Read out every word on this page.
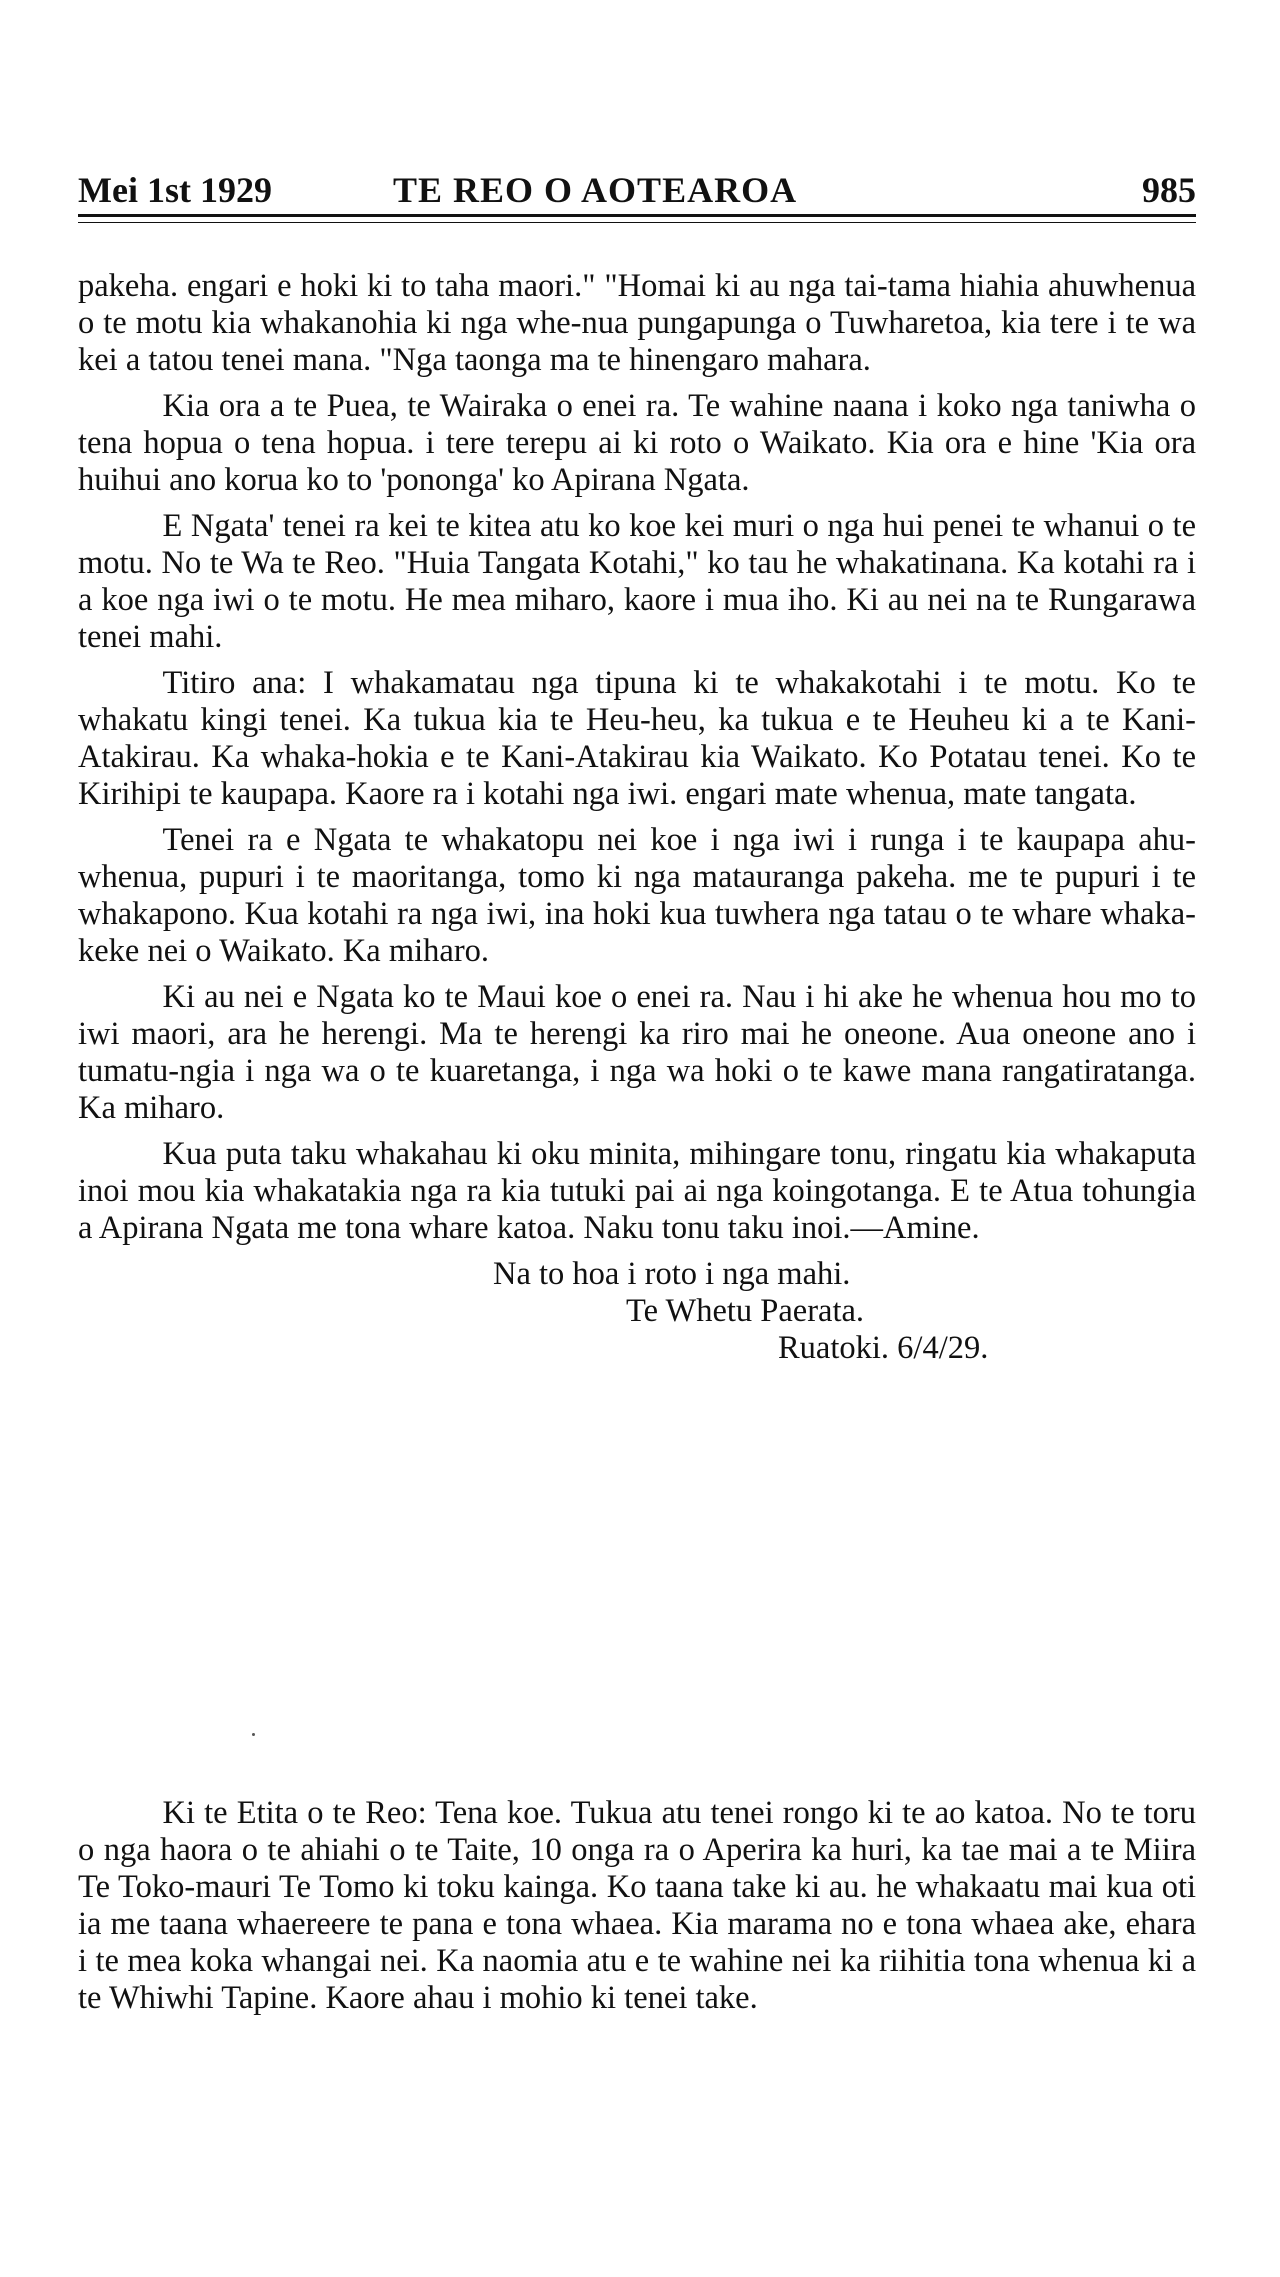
Mei 1st 1929	TE REO O AOTEAROA	985

pakeha. engari e hoki ki to taha maori." "Homai ki au nga tai-tama hiahia ahuwhenua o te motu kia whakanohia ki nga whe-nua pungapunga o Tuwharetoa, kia tere i te wa kei a tatou tenei mana. "Nga taonga ma te hinengaro mahara.

Kia ora a te Puea, te Wairaka o enei ra. Te wahine naana i koko nga taniwha o tena hopua o tena hopua. i tere terepu ai ki roto o Waikato. Kia ora e hine 'Kia ora huihui ano korua ko to 'pononga' ko Apirana Ngata.

E Ngata' tenei ra kei te kitea atu ko koe kei muri o nga hui penei te whanui o te motu. No te Wa te Reo. "Huia Tangata Kotahi," ko tau he whakatinana. Ka kotahi ra i a koe nga iwi o te motu. He mea miharo, kaore i mua iho. Ki au nei na te Rungarawa tenei mahi.

Titiro ana: I whakamatau nga tipuna ki te whakakotahi i te motu. Ko te whakatu kingi tenei. Ka tukua kia te Heu-heu, ka tukua e te Heuheu ki a te Kani-Atakirau. Ka whaka-hokia e te Kani-Atakirau kia Waikato. Ko Potatau tenei. Ko te Kirihipi te kaupapa. Kaore ra i kotahi nga iwi. engari mate whenua, mate tangata.

Tenei ra e Ngata te whakatopu nei koe i nga iwi i runga i te kaupapa ahu-whenua, pupuri i te maoritanga, tomo ki nga matauranga pakeha. me te pupuri i te whakapono. Kua kotahi ra nga iwi, ina hoki kua tuwhera nga tatau o te whare whaka-keke nei o Waikato. Ka miharo.

Ki au nei e Ngata ko te Maui koe o enei ra. Nau i hi ake he whenua hou mo to iwi maori, ara he herengi. Ma te herengi ka riro mai he oneone. Aua oneone ano i tumatu-ngia i nga wa o te kuaretanga, i nga wa hoki o te kawe mana rangatiratanga. Ka miharo.

Kua puta taku whakahau ki oku minita, mihingare tonu, ringatu kia whakaputa inoi mou kia whakatakia nga ra kia tutuki pai ai nga koingotanga. E te Atua tohungia a Apirana Ngata me tona whare katoa. Naku tonu taku inoi.—Amine.

Na to hoa i roto i nga mahi.
Te Whetu Paerata.
Ruatoki. 6/4/29.

Ki te Etita o te Reo: Tena koe. Tukua atu tenei rongo ki te ao katoa. No te toru o nga haora o te ahiahi o te Taite, 10 onga ra o Aperira ka huri, ka tae mai a te Miira Te Toko-mauri Te Tomo ki toku kainga. Ko taana take ki au. he whakaatu mai kua oti ia me taana whaereere te pana e tona whaea. Kia marama no e tona whaea ake, ehara i te mea koka whangai nei. Ka naomia atu e te wahine nei ka riihitia tona whenua ki a te Whiwhi Tapine. Kaore ahau i mohio ki tenei take.
